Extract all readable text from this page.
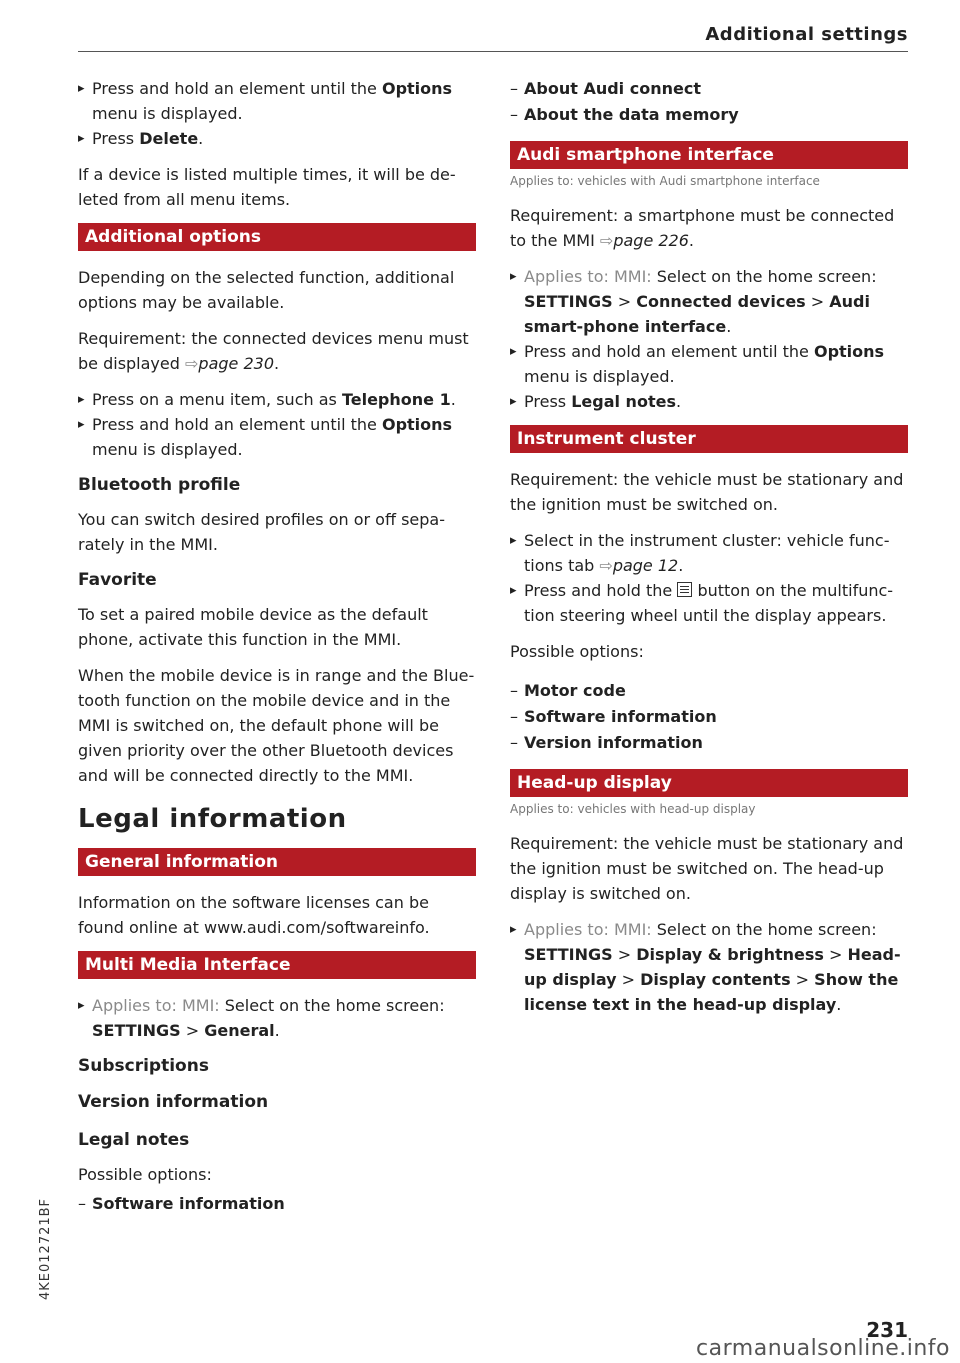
Additional settings
▸ Press and hold an element until the Options menu is displayed.
▸ Press Delete.

If a device is listed multiple times, it will be de-leted from all menu items.

Additional options

Depending on the selected function, additional options may be available.

Requirement: the connected devices menu must be displayed ⇨page 230.

▸ Press on a menu item, such as Telephone 1.
▸ Press and hold an element until the Options menu is displayed.
Bluetooth profile

You can switch desired profiles on or off sepa-rately in the MMI.

Favorite

To set a paired mobile device as the default phone, activate this function in the MMI.

When the mobile device is in range and the Blue-tooth function on the mobile device and in the MMI is switched on, the default phone will be given priority over the other Bluetooth devices and will be connected directly to the MMI.

Legal information
General information

Information on the software licenses can be found online at www.audi.com/softwareinfo.

Multi Media Interface
▸ Applies to: MMI: Select on the home screen:
SETTINGS > General.
Subscriptions
Version information
Legal notes

Possible options:

– Software information
– About Audi connect
– About the data memory
Audi smartphone interface
Applies to: vehicles with Audi smartphone interface

Requirement: a smartphone must be connected to the MMI ⇨page 226.

▸ Applies to: MMI: Select on the home screen:
SETTINGS > Connected devices > Audi smart-phone interface.
▸ Press and hold an element until the Options menu is displayed.
▸ Press Legal notes.
Instrument cluster

Requirement: the vehicle must be stationary and the ignition must be switched on.

▸ Select in the instrument cluster: vehicle func-tions tab ⇨page 12.
▸ Press and hold the button on the multifunc-tion steering wheel until the display appears.

Possible options:

– Motor code
– Software information
– Version information
Head-up display
Applies to: vehicles with head-up display

Requirement: the vehicle must be stationary and the ignition must be switched on. The head-up display is switched on.

▸ Applies to: MMI: Select on the home screen:
SETTINGS > Display & brightness > Head-up display > Display contents > Show the license text in the head-up display.
4KE012721BF
231
carmanualsonline.info
